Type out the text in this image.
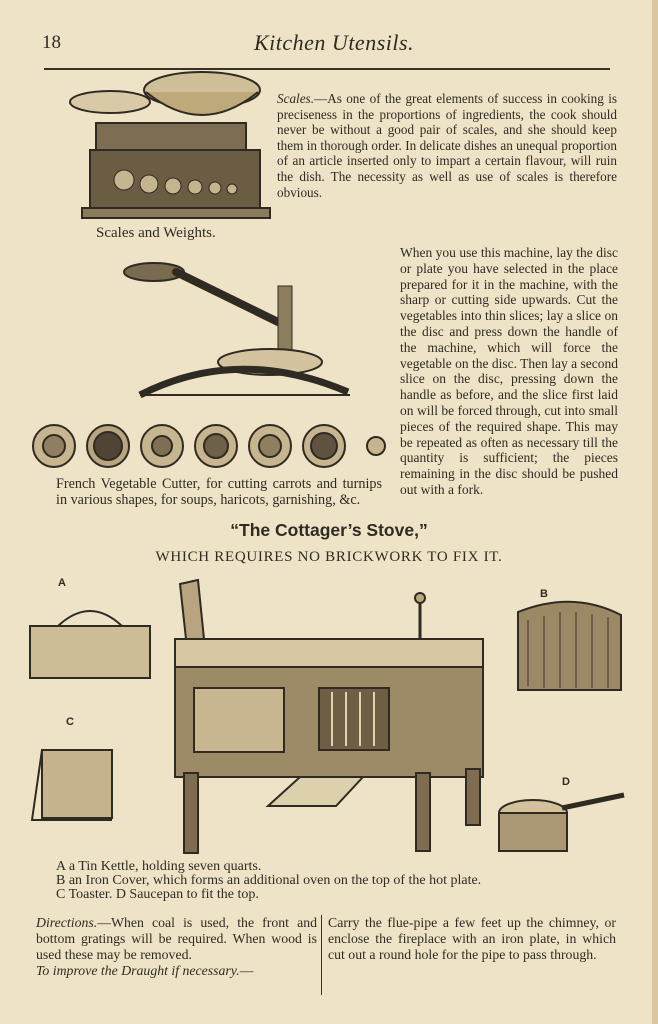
18	Kitchen Utensils.
Scales and Weights.

Scales.—As one of the great elements of success in cooking is preciseness in the proportions of ingredients, the cook should never be without a good pair of scales, and she should keep them in thorough order. In delicate dishes an unequal proportion of an article inserted only to impart a certain flavour, will ruin the dish. The necessity as well as use of scales is therefore obvious.

French Vegetable Cutter, for cutting carrots and turnips in various shapes, for soups, haricots, garnishing, &c.

When you use this machine, lay the disc or plate you have selected in the place prepared for it in the machine, with the sharp or cutting side upwards. Cut the vegetables into thin slices; lay a slice on the disc and press down the handle of the machine, which will force the vegetable on the disc. Then lay a second slice on the disc, pressing down the handle as before, and the slice first laid on will be forced through, cut into small pieces of the required shape. This may be repeated as often as necessary till the quantity is sufficient; the pieces remaining in the disc should be pushed out with a fork.

“The Cottager’s Stove,”
WHICH REQUIRES NO BRICKWORK TO FIX IT.
A
B
C
D

A a Tin Kettle, holding seven quarts.

B an Iron Cover, which forms an additional oven on the top of the hot plate.

C Toaster. D Saucepan to fit the top.

Directions.—When coal is used, the front and bottom gratings will be required. When wood is used these may be removed.
To improve the Draught if necessary.—

Carry the flue-pipe a few feet up the chimney, or enclose the fireplace with an iron plate, in which cut out a round hole for the pipe to pass through.
